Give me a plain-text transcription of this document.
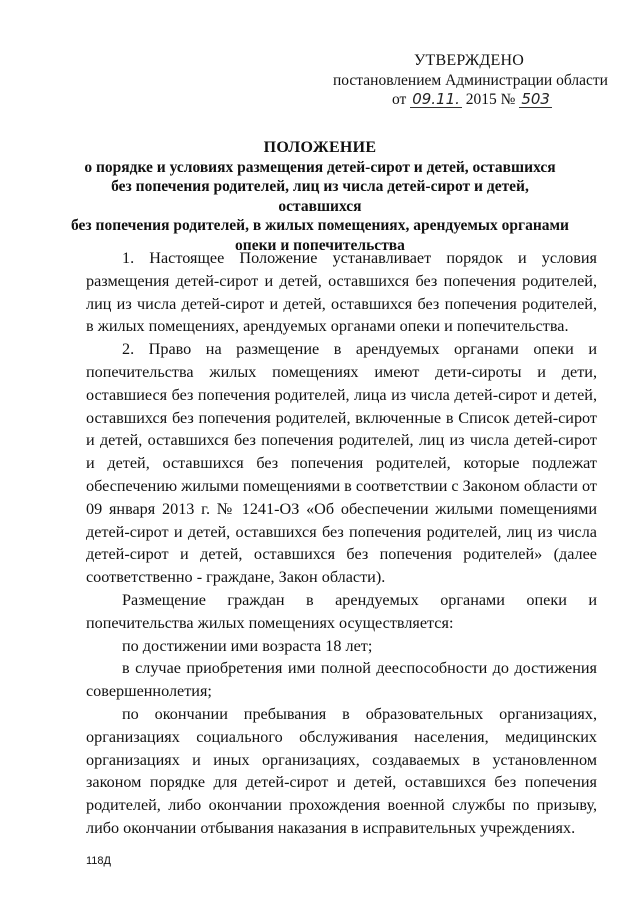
УТВЕРЖДЕНО
постановлением Администрации области
от 09.11. 2015 № 503
ПОЛОЖЕНИЕ
о порядке и условиях размещения детей-сирот и детей, оставшихся
без попечения родителей, лиц из числа детей-сирот и детей, оставшихся
без попечения родителей, в жилых помещениях, арендуемых органами
опеки и попечительства

1. Настоящее Положение устанавливает порядок и условия размещения детей-сирот и детей, оставшихся без попечения родителей, лиц из числа детей-сирот и детей, оставшихся без попечения родителей, в жилых помещениях, арендуемых органами опеки и попечительства.

2. Право на размещение в арендуемых органами опеки и попечительства жилых помещениях имеют дети-сироты и дети, оставшиеся без попечения родителей, лица из числа детей-сирот и детей, оставшихся без попечения родителей, включенные в Список детей-сирот и детей, оставшихся без попечения родителей, лиц из числа детей-сирот и детей, оставшихся без попечения родителей, которые подлежат обеспечению жилыми помещениями в соответствии с Законом области от 09 января 2013 г. № 1241-ОЗ «Об обеспечении жилыми помещениями детей-сирот и детей, оставшихся без попечения родителей, лиц из числа детей-сирот и детей, оставшихся без попечения родителей» (далее соответственно - граждане, Закон области).

Размещение граждан в арендуемых органами опеки и попечительства жилых помещениях осуществляется:

по достижении ими возраста 18 лет;

в случае приобретения ими полной дееспособности до достижения совершеннолетия;

по окончании пребывания в образовательных организациях, организациях социального обслуживания населения, медицинских организациях и иных организациях, создаваемых в установленном законом порядке для детей-сирот и детей, оставшихся без попечения родителей, либо окончании прохождения военной службы по призыву, либо окончании отбывания наказания в исправительных учреждениях.

118Д
